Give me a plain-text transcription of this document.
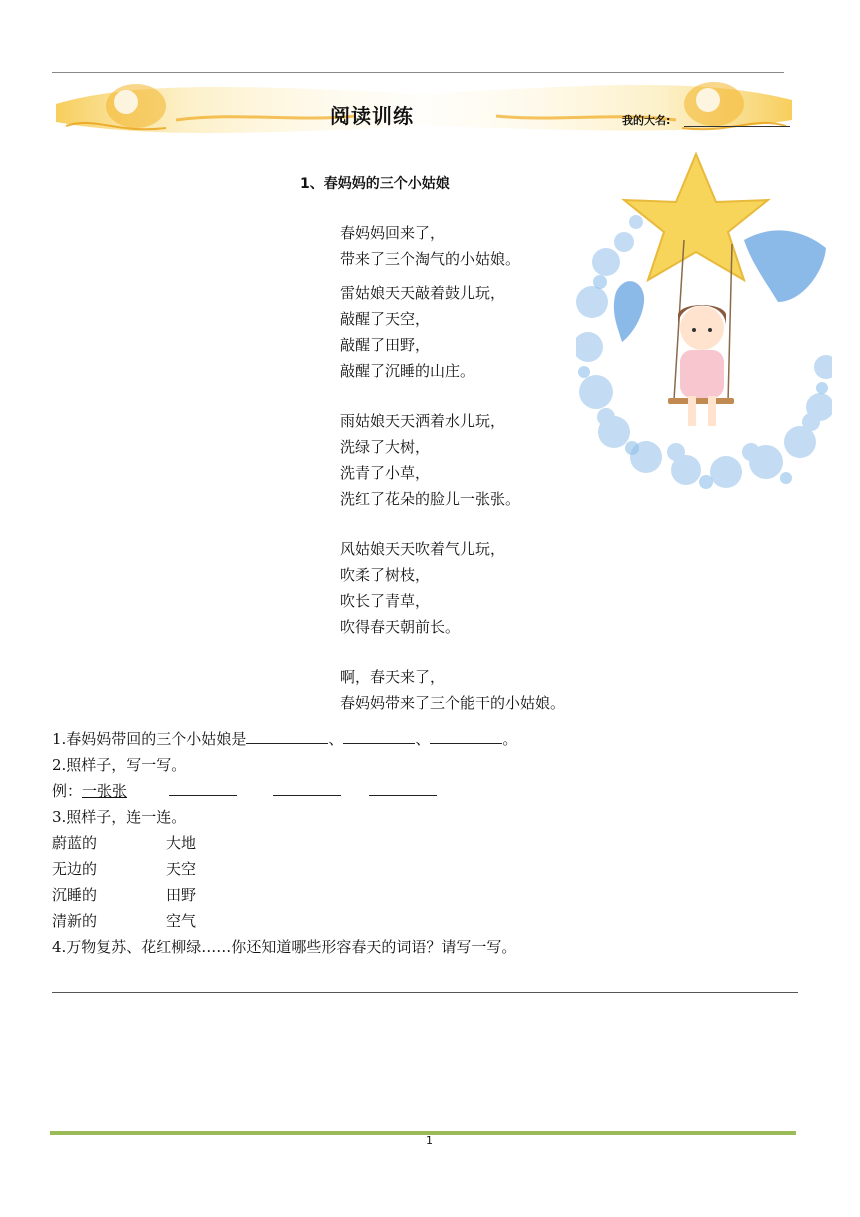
阅读训练	我的大名:
1、春妈妈的三个小姑娘
春妈妈回来了，
带来了三个淘气的小姑娘。
雷姑娘天天敲着鼓儿玩，
敲醒了天空，
敲醒了田野，
敲醒了沉睡的山庄。
雨姑娘天天洒着水儿玩，
洗绿了大树，
洗青了小草，
洗红了花朵的脸儿一张张。
风姑娘天天吹着气儿玩，
吹柔了树枝，
吹长了青草，
吹得春天朝前长。
啊，春天来了，
春妈妈带来了三个能干的小姑娘。
1.春妈妈带回的三个小姑娘是	、	、	。
2.照样子，写一写。
例：一张张
3.照样子，连一连。
蔚蓝的	大地
无边的	天空
沉睡的	田野
清新的	空气
4.万物复苏、花红柳绿……你还知道哪些形容春天的词语？请写一写。
1
